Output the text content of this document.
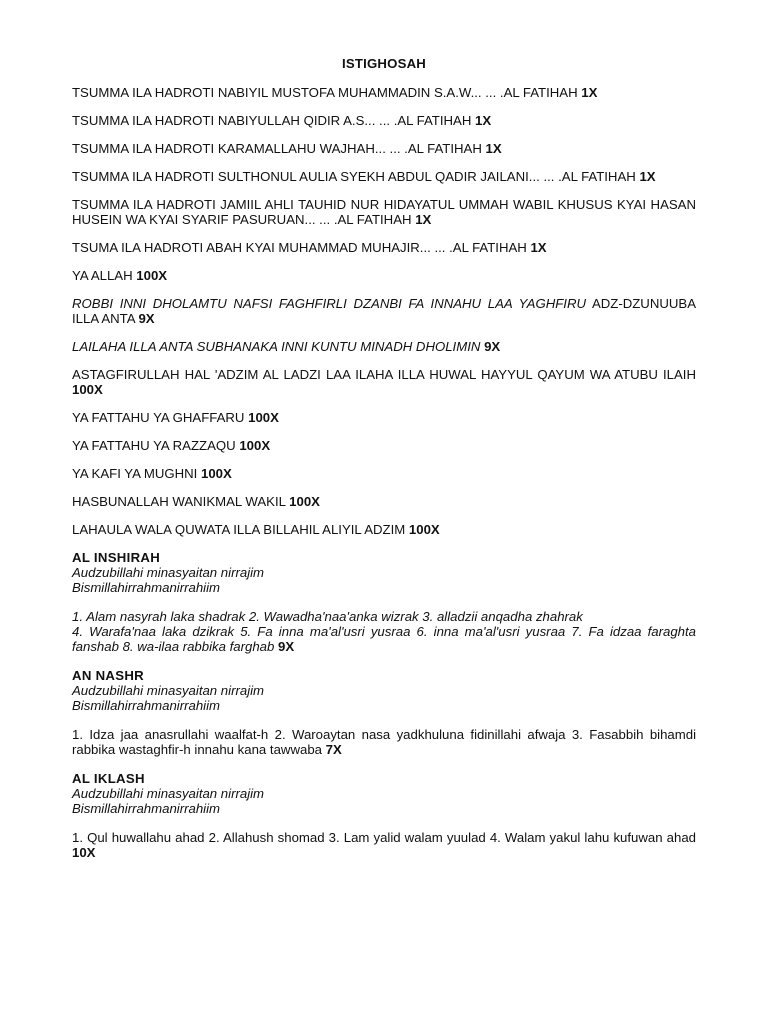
ISTIGHOSAH

TSUMMA ILA HADROTI NABIYIL MUSTOFA MUHAMMADIN S.A.W... ... .AL FATIHAH 1X

TSUMMA ILA HADROTI NABIYULLAH QIDIR A.S... ... .AL FATIHAH 1X

TSUMMA ILA HADROTI KARAMALLAHU WAJHAH... ... .AL FATIHAH 1X

TSUMMA ILA HADROTI SULTHONUL AULIA SYEKH ABDUL QADIR JAILANI... ... .AL FATIHAH 1X

TSUMMA ILA HADROTI JAMIIL AHLI TAUHID NUR HIDAYATUL UMMAH WABIL KHUSUS KYAI HASAN HUSEIN WA KYAI SYARIF PASURUAN... ... .AL FATIHAH 1X

TSUMA ILA HADROTI ABAH KYAI MUHAMMAD MUHAJIR... ... .AL FATIHAH 1X

YA ALLAH 100X

ROBBI INNI DHOLAMTU NAFSI FAGHFIRLI DZANBI FA INNAHU LAA YAGHFIRU ADZ-DZUNUUBA ILLA ANTA 9X

LAILAHA ILLA ANTA SUBHANAKA INNI KUNTU MINADH DHOLIMIN 9X

ASTAGFIRULLAH HAL 'ADZIM AL LADZI LAA ILAHA ILLA HUWAL HAYYUL QAYUM WA ATUBU ILAIH 100X

YA FATTAHU YA GHAFFARU 100X

YA FATTAHU YA RAZZAQU 100X

YA KAFI YA MUGHNI 100X

HASBUNALLAH WANIKMAL WAKIL 100X

LAHAULA WALA QUWATA ILLA BILLAHIL ALIYIL ADZIM 100X

AL INSHIRAH
Audzubillahi minasyaitan nirrajim
Bismillahirrahmanirrahiim
1. Alam nasyrah laka shadrak 2. Wawadha'naa'anka wizrak 3. alladzii anqadha zhahrak
4. Warafa'naa laka dzikrak 5. Fa inna ma'al'usri yusraa 6. inna ma'al'usri yusraa 7. Fa idzaa faraghta fanshab 8. wa-ilaa rabbika farghab 9X
AN NASHR
Audzubillahi minasyaitan nirrajim
Bismillahirrahmanirrahiim
1. Idza jaa anasrullahi waalfat-h 2. Waroaytan nasa yadkhuluna fidinillahi afwaja 3. Fasabbih bihamdi rabbika wastaghfir-h innahu kana tawwaba 7X
AL IKLASH
Audzubillahi minasyaitan nirrajim
Bismillahirrahmanirrahiim
1. Qul huwallahu ahad 2. Allahush shomad 3. Lam yalid walam yuulad 4. Walam yakul lahu kufuwan ahad 10X
